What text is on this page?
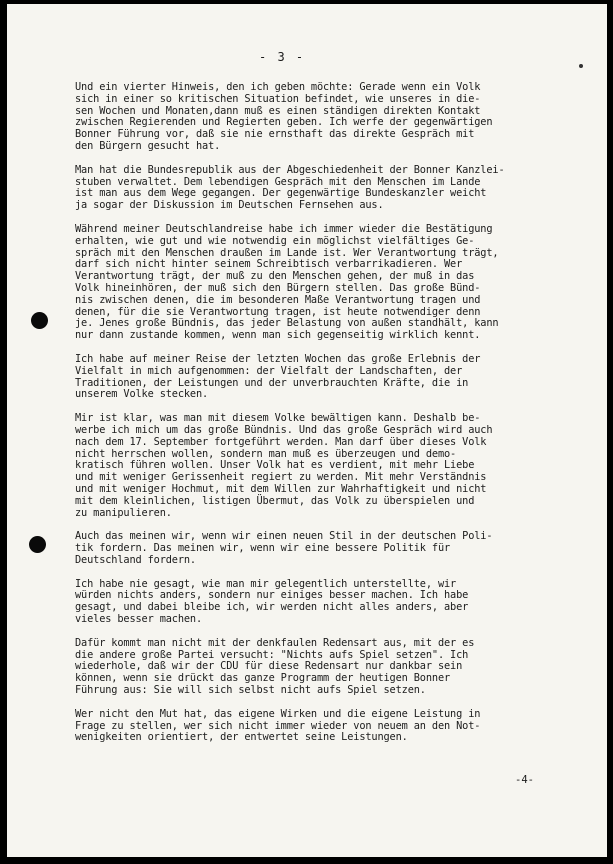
- 3 -
Und ein vierter Hinweis, den ich geben möchte: Gerade wenn ein Volk
sich in einer so kritischen Situation befindet, wie unseres in die-
sen Wochen und Monaten,dann muß es einen ständigen direkten Kontakt
zwischen Regierenden und Regierten geben. Ich werfe der gegenwärtigen
Bonner Führung vor, daß sie nie ernsthaft das direkte Gespräch mit
den Bürgern gesucht hat.
Man hat die Bundesrepublik aus der Abgeschiedenheit der Bonner Kanzlei-
stuben verwaltet. Dem lebendigen Gespräch mit den Menschen im Lande
ist man aus dem Wege gegangen. Der gegenwärtige Bundeskanzler weicht
ja sogar der Diskussion im Deutschen Fernsehen aus.
Während meiner Deutschlandreise habe ich immer wieder die Bestätigung
erhalten, wie gut und wie notwendig ein möglichst vielfältiges Ge-
spräch mit den Menschen draußen im Lande ist. Wer Verantwortung trägt,
darf sich nicht hinter seinem Schreibtisch verbarrikadieren. Wer
Verantwortung trägt, der muß zu den Menschen gehen, der muß in das
Volk hineinhören, der muß sich den Bürgern stellen. Das große Bünd-
nis zwischen denen, die im besonderen Maße Verantwortung tragen und
denen, für die sie Verantwortung tragen, ist heute notwendiger denn
je. Jenes große Bündnis, das jeder Belastung von außen standhält, kann
nur dann zustande kommen, wenn man sich gegenseitig wirklich kennt.
Ich habe auf meiner Reise der letzten Wochen das große Erlebnis der
Vielfalt in mich aufgenommen: der Vielfalt der Landschaften, der
Traditionen, der Leistungen und der unverbrauchten Kräfte, die in
unserem Volke stecken.
Mir ist klar, was man mit diesem Volke bewältigen kann. Deshalb be-
werbe ich mich um das große Bündnis. Und das große Gespräch wird auch
nach dem 17. September fortgeführt werden. Man darf über dieses Volk
nicht herrschen wollen, sondern man muß es überzeugen und demo-
kratisch führen wollen. Unser Volk hat es verdient, mit mehr Liebe
und mit weniger Gerissenheit regiert zu werden. Mit mehr Verständnis
und mit weniger Hochmut, mit dem Willen zur Wahrhaftigkeit und nicht
mit dem kleinlichen, listigen Übermut, das Volk zu überspielen und
zu manipulieren.
Auch das meinen wir, wenn wir einen neuen Stil in der deutschen Poli-
tik fordern. Das meinen wir, wenn wir eine bessere Politik für
Deutschland fordern.
Ich habe nie gesagt, wie man mir gelegentlich unterstellte, wir
würden nichts anders, sondern nur einiges besser machen. Ich habe
gesagt, und dabei bleibe ich, wir werden nicht alles anders, aber
vieles besser machen.
Dafür kommt man nicht mit der denkfaulen Redensart aus, mit der es
die andere große Partei versucht: "Nichts aufs Spiel setzen". Ich
wiederhole, daß wir der CDU für diese Redensart nur dankbar sein
können, wenn sie drückt das ganze Programm der heutigen Bonner
Führung aus: Sie will sich selbst nicht aufs Spiel setzen.
Wer nicht den Mut hat, das eigene Wirken und die eigene Leistung in
Frage zu stellen, wer sich nicht immer wieder von neuem an den Not-
wenigkeiten orientiert, der entwertet seine Leistungen.
-4-
